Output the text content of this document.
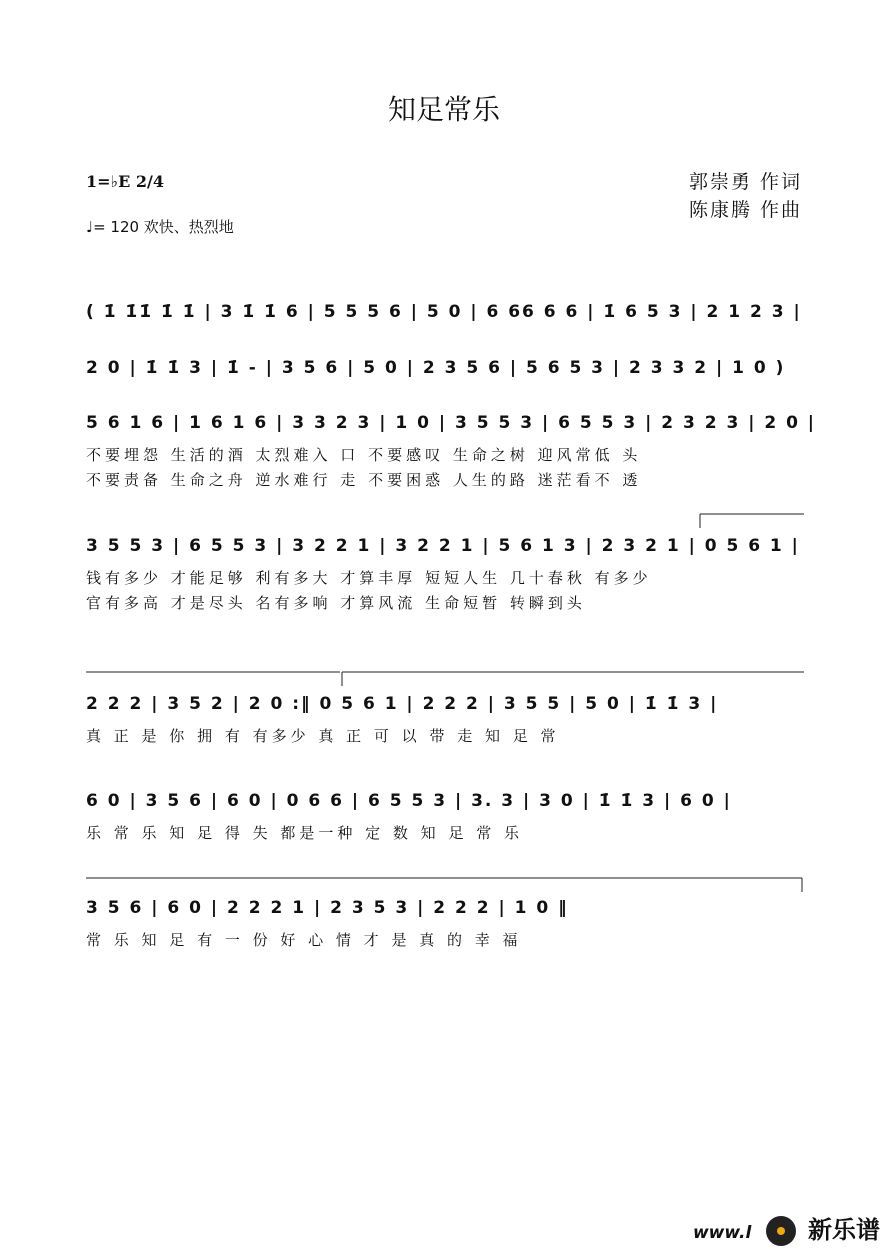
知足常乐
1=♭E 2/4
♩= 120 欢快、热烈地
郭崇勇 作词
陈康腾 作曲
( 1̇ 1̇1̇ 1̇ 1̇ | 3 1̇ 1̇ 6 | 5 5 5 6 | 5 0 | 6 66 6 6 | 1̇ 6 5 3 | 2 1 2 3 |
2 0 | 1̇ 1̇ 3 | 1̇ - | 3 5 6 | 5 0 | 2 3 5 6 | 5 6 5 3 | 2 3 3 2 | 1 0 )
5 6 1 6 | 1 6 1 6 | 3 3 2 3 | 1 0 | 3 5 5 3 | 6 5 5 3 | 2 3 2 3 | 2 0 |
不要埋怨 生活的酒 太烈难入 口 不要感叹 生命之树 迎风常低 头
不要责备 生命之舟 逆水难行 走 不要困惑 人生的路 迷茫看不 透
3 5 5 3 | 6 5 5 3 | 3 2 2 1 | 3 2 2 1 | 5 6 1 3 | 2 3 2 1 | 0 5 6 1 |
钱有多少 才能足够 利有多大 才算丰厚 短短人生 几十春秋 有多少
官有多高 才是尽头 名有多响 才算风流 生命短暂 转瞬到头
2 2 2 | 3 5 2 | 2 0 :‖ 0 5 6 1 | 2 2 2 | 3 5 5 | 5 0 | 1̇ 1̇ 3 |
真 正 是 你 拥 有 有多少 真 正 可 以 带 走 知 足 常
6 0 | 3 5 6 | 6 0 | 0 6 6 | 6 5 5 3 | 3. 3 | 3 0 | 1̇ 1̇ 3 | 6 0 |
乐 常 乐 知 足 得 失 都是一种 定 数 知 足 常 乐
3 5 6 | 6 0 | 2 2 2 1 | 2 3 5 3 | 2 2 2 | 1 0 ‖
常 乐 知 足 有 一 份 好 心 情 才 是 真 的 幸 福
www.l 新乐谱
